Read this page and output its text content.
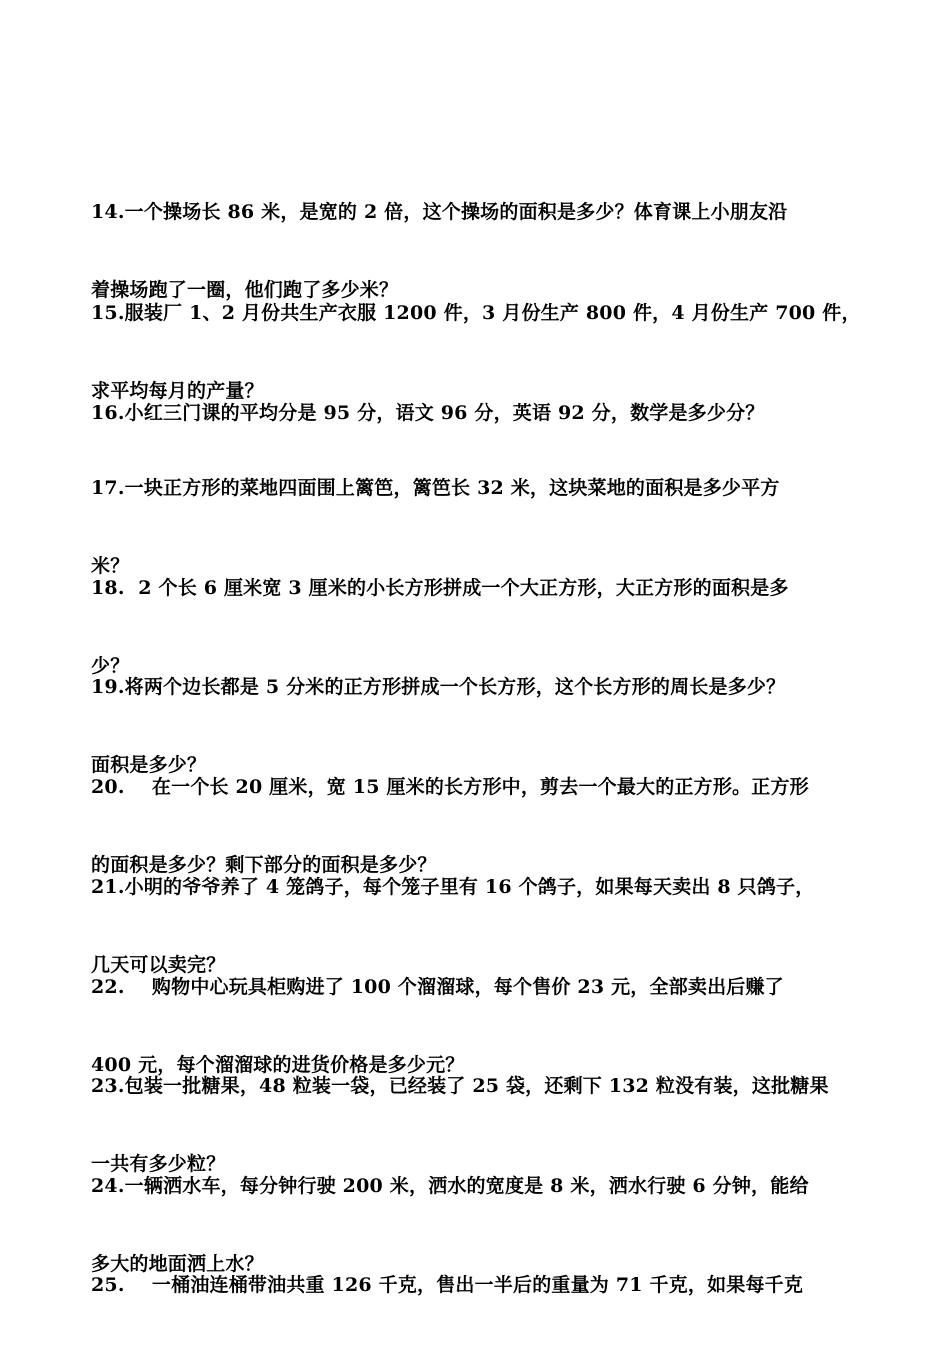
14.一个操场长 86 米，是宽的 2 倍，这个操场的面积是多少？体育课上小朋友沿

着操场跑了一圈，他们跑了多少米？

15.服装厂 1、2 月份共生产衣服 1200 件，3 月份生产 800 件，4 月份生产 700 件，

求平均每月的产量？

16.小红三门课的平均分是 95 分，语文 96 分，英语 92 分，数学是多少分？

17.一块正方形的菜地四面围上篱笆，篱笆长 32 米，这块菜地的面积是多少平方

米？

18.  2 个长 6 厘米宽 3 厘米的小长方形拼成一个大正方形，大正方形的面积是多

少？

19.将两个边长都是 5 分米的正方形拼成一个长方形，这个长方形的周长是多少？

面积是多少？

20.    在一个长 20 厘米，宽 15 厘米的长方形中，剪去一个最大的正方形。正方形

的面积是多少？剩下部分的面积是多少？

21.小明的爷爷养了 4 笼鸽子，每个笼子里有 16 个鸽子，如果每天卖出 8 只鸽子，

几天可以卖完？

22.    购物中心玩具柜购进了 100 个溜溜球，每个售价 23 元，全部卖出后赚了

400 元，每个溜溜球的进货价格是多少元？

23.包装一批糖果，48 粒装一袋，已经装了 25 袋，还剩下 132 粒没有装，这批糖果

一共有多少粒？

24.一辆洒水车，每分钟行驶 200 米，洒水的宽度是 8 米，洒水行驶 6 分钟，能给

多大的地面洒上水？

25.    一桶油连桶带油共重 126 千克，售出一半后的重量为 71 千克，如果每千克
